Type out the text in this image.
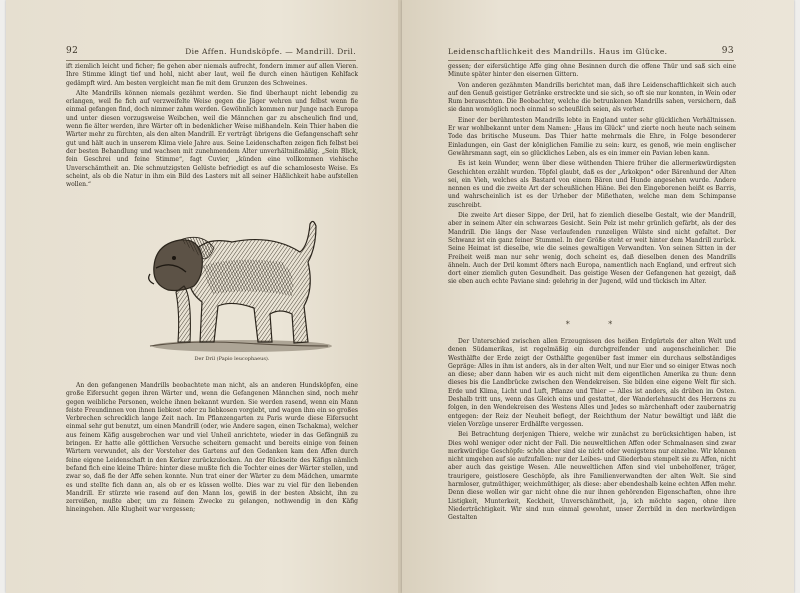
92	Die Affen. Hundsköpfe. — Mandrill. Dril.

ift ziemlich leicht und ficher; fie gehen aber niemals aufrecht, fondern immer auf allen Vieren. Ihre Stimme klingt tief und hohl, nicht aber laut, weil fie durch einen häutigen Kehlfack gedämpft wird. Am besten vergleicht man fie mit dem Grunzen des Schweines.

Alte Mandrills können niemals gezähmt werden. Sie find überhaupt nicht lebendig zu erlangen, weil fie fich auf verzweifelte Weise gegen die Jäger wehren und felbst wenn fie einmal gefangen find, doch nimmer zahm werden. Gewöhnlich kommen nur Junge nach Europa und unter diesen vorzugsweise Weibchen, weil die Männchen gar zu abscheulich find und, wenn fie älter werden, ihre Wärter oft in bedenklicher Weise mißhandeln. Kein Thier haben die Wärter mehr zu fürchten, als den alten Mandrill. Er verträgt übrigens die Gefangenschaft sehr gut und hält auch in unserem Klima viele Jahre aus. Seine Leidenschaften zeigen fich felbst bei der besten Behandlung und wachsen mit zunehmendem Alter unverhältnißmäßig. „Sein Blick, fein Geschrei und feine Stimme“, fagt Cuvier, „künden eine vollkommen viehische Unverschämtheit an. Die schmutzigsten Gelüste befriedigt es auf die schamloseste Weise. Es scheint, als ob die Natur in ihm ein Bild des Lasters mit all seiner Häßlichkeit habe aufstellen wollen.“

Der Dril (Papio leucophaeus).

An den gefangenen Mandrills beobachtete man nicht, als an anderen Hundsköpfen, eine große Eifersucht gegen ihren Wärter und, wenn die Gefangenen Männchen sind, noch mehr gegen weibliche Personen, welche ihnen bekannt wurden. Sie werden rasend, wenn ein Mann feiste Freundinnen von ihnen liebkost oder zu liebkosen vorgiebt, und wagen ihm ein so großes Verbrechen schrecklich lange Zeit nach. Im Pflanzengarten zu Paris wurde diese Eifersucht einmal sehr gut benutzt, um einen Mandrill (oder, wie Andere sagen, einen Tschakma), welcher aus feinem Käfig ausgebrochen war und viel Unheil anrichtete, wieder in das Gefängniß zu bringen. Er hatte alle göttlichen Versuche scheitern gemacht und bereits einige von feinen Wärtern verwundet, als der Vorsteher des Gartens auf den Gedanken kam den Affen durch feine eigene Leidenschaft in den Kerker zurückzulocken. An der Rückseite des Käfigs nämlich befand fich eine kleine Thüre: hinter diese mußte fich die Tochter eines der Wärter stellen, und zwar so, daß fie der Affe sehen konnte. Nun trat einer der Wärter zu dem Mädchen, umarmte es und stellte fich dann an, als ob er es küssen wollte. Dies war zu viel für den liebenden Mandrill. Er stürzte wie rasend auf den Mann los, gewiß in der besten Absicht, ihn zu zerreißen, mußte aber, um zu feinem Zwecke zu gelangen, nothwendig in den Käfig hineingehen. Alle Klugheit war vergessen;

Leidenschaftlichkeit des Mandrills. Haus im Glücke.	93

gessen; der eifersüchtige Affe ging ohne Besinnen durch die offene Thür und saß sich eine Minute später hinter den eisernen Gittern.

Von anderen gezähmten Mandrills berichtet man, daß ihre Leidenschaftlichkeit sich auch auf den Genuß geistiger Getränke erstreckte und sie sich, so oft sie nur konnten, in Wein oder Rum berauschten. Die Beobachter, welche die betrunkenen Mandrills sahen, versichern, daß sie dann womöglich noch einmal so scheußlich seien, als vorher.

Einer der berühmtesten Mandrills lebte in England unter sehr glücklichen Verhältnissen. Er war wohlbekannt unter dem Namen: „Haus im Glück“ und zierte noch heute nach seinem Tode das britische Museum. Das Thier hatte mehrmals die Ehre, in Folge besonderer Einladungen, ein Gast der königlichen Familie zu sein: kurz, es genoß, wie mein englischer Gewährsmann sagt, ein so glückliches Leben, als es ein immer ein Pavian leben kann.

Es ist kein Wunder, wenn über diese wüthenden Thiere früher die allermerkwürdigsten Geschichten erzählt wurden. Töpfel glaubt, daß es der „Arkokpon“ oder Bärenhund der Alten sei, ein Vieh, welches als Bastard von einem Bären und Hunde angesehen wurde. Andere nennen es und die zweite Art der scheußlichen Hiäne. Bei den Eingeborenen heißt es Barris, und wahrscheinlich ist es der Urheber der Mißethaten, welche man dem Schimpanse zuschreibt.

Die zweite Art dieser Sippe, der Dril, hat fo ziemlich dieselbe Gestalt, wie der Mandrill, aber in seinem Alter ein schwarzes Gesicht. Sein Pelz ist mehr grünlich gefärbt, als der des Mandrill. Die längs der Nase verlaufenden runzeligen Wülste sind nicht gefaltet. Der Schwanz ist ein ganz feiner Stummel. In der Größe steht er weit hinter dem Mandrill zurück. Seine Heimat ist dieselbe, wie die seines gewaltigen Verwandten. Von seinen Sitten in der Freiheit weiß man nur sehr wenig, doch scheint es, daß dieselben denen des Mandrills ähneln. Auch der Dril kommt öfters nach Europa, namentlich nach England, und erfreut sich dort einer ziemlich guten Gesundheit. Das geistige Wesen der Gefangenen hat gezeigt, daß sie eben auch echte Paviane sind: gelehrig in der Jugend, wild und tückisch im Alter.

* *

Der Unterschied zwischen allen Erzeugnissen des heißen Erdgürtels der alten Welt und denen Südamerikas, ist regelmäßig ein durchgreifender und augenscheinlicher. Die Westhälfte der Erde zeigt der Osthälfte gegenüber fast immer ein durchaus selbständiges Gepräge: Alles in ihm ist anders, als in der alten Welt, und nur Eier und so einiger Etwas noch an diese; aber dann haben wir es auch nicht mit dem eigentlichen Amerika zu thun: denn dieses bis die Landbrücke zwischen den Wendekreisen. Sie bilden eine eigene Welt für sich. Erde und Klima, Licht und Luft, Pflanze und Thier — Alles ist anders, als drüben im Osten. Deshalb tritt uns, wenn das Gleich eins und gestattet, der Wanderlehnsucht des Herzens zu folgen, in den Wendekreisen des Westens Alles und Jedes so märchenhaft oder zaubernatrig entgegen: der Reiz der Neuheit befiegt, der Reichthum der Natur bewältigt und läßt die vielen Vorzüge unserer Erdhälfte vergessen.

Bei Betrachtung derjenigen Thiere, welche wir zunächst zu berücksichtigen haben, ist Dies wohl weniger oder nicht der Fall. Die neuweltlichen Affen oder Schmalnasen sind zwar merkwürdige Geschöpfe: schön aber sind sie nicht oder wenigstens nur einzelne. Wir können nicht umgehen auf sie aufzufallen: nur der Leibes- und Gliederbau stempelt sie zu Affen, nicht aber auch das geistige Wesen. Alle neuweltlichen Affen sind viel unbeholfener, träger, traurigere, geistlosere Geschöpfe, als ihre Familienverwandten der alten Welt. Sie sind harmloser, gutmüthiger, weichmüthiger, als diese: aber ebendeshalb keine echten Affen mehr. Denn diese wollen wir gar nicht ohne die nur ihnen gehörenden Eigenschaften, ohne ihre Listigkeit, Munterkeit, Keckheit, Unverschämtheit, ja, ich möchte sagen, ohne ihre Niederträchtigkeit. Wir sind nun einmal gewohnt, unser Zerrbild in den merkwürdigen Gestalten
